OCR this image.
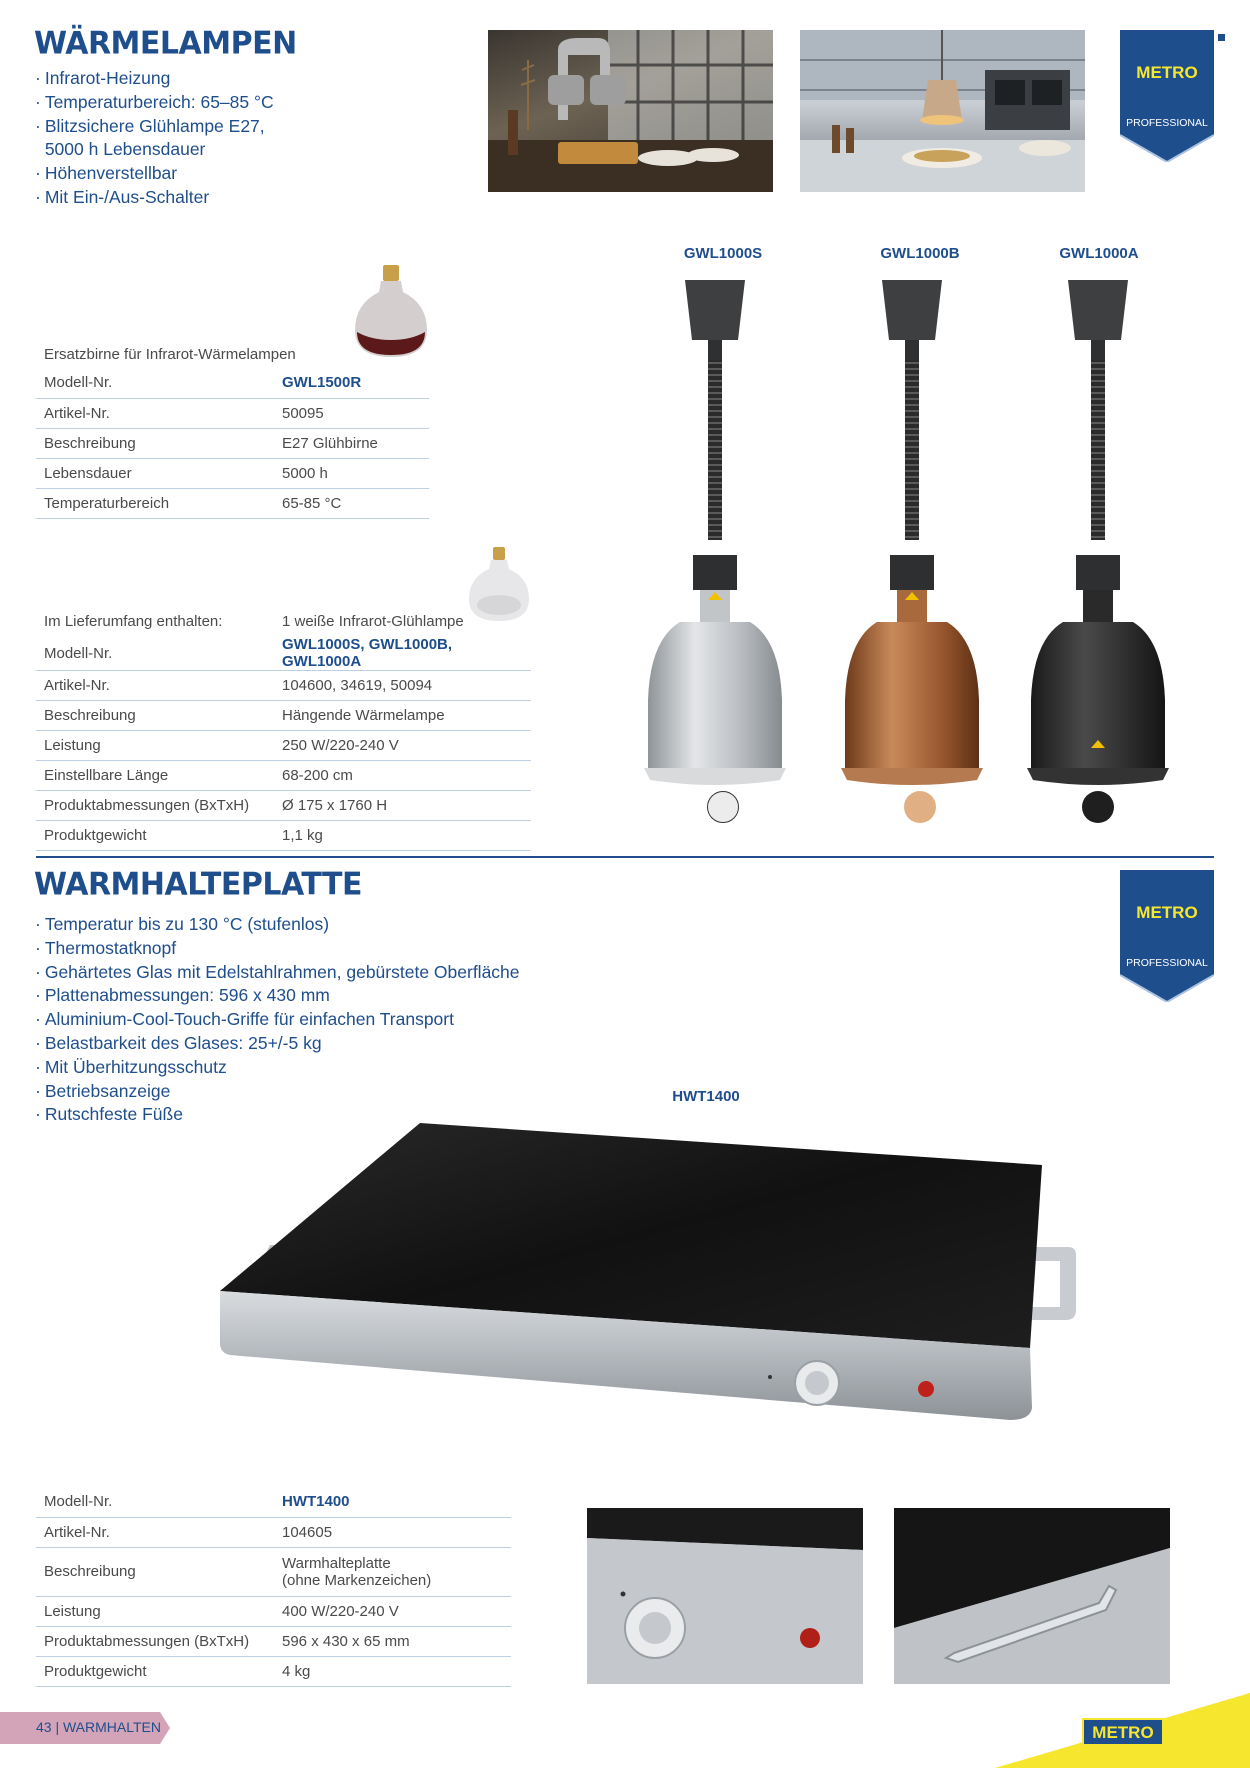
WÄRMELAMPEN
· Infrarot-Heizung
· Temperaturbereich: 65–85 °C
· Blitzsichere Glühlampe E27,
5000 h Lebensdauer
· Höhenverstellbar
· Mit Ein-/Aus-Schalter
METRO
PROFESSIONAL
GWL1000S	GWL1000B	GWL1000A
Ersatzbirne für Infrarot-Wärmelampen
Modell-Nr.	GWL1500R
Artikel-Nr.	50095
Beschreibung	E27 Glühbirne
Lebensdauer	5000 h
Temperaturbereich	65-85 °C
Im Lieferumfang enthalten:	1 weiße Infrarot-Glühlampe
Modell-Nr.	GWL1000S, GWL1000B, GWL1000A
Artikel-Nr.	104600, 34619, 50094
Beschreibung	Hängende Wärmelampe
Leistung	250 W/220-240 V
Einstellbare Länge	68-200 cm
Produktabmessungen (BxTxH)	Ø 175 x 1760 H
Produktgewicht	1,1 kg
WARMHALTEPLATTE
· Temperatur bis zu 130 °C (stufenlos)
· Thermostatknopf
· Gehärtetes Glas mit Edelstahlrahmen, gebürstete Oberfläche
· Plattenabmessungen: 596 x 430 mm
· Aluminium-Cool-Touch-Griffe für einfachen Transport
· Belastbarkeit des Glases: 25+/-5 kg
· Mit Überhitzungsschutz
· Betriebsanzeige
· Rutschfeste Füße
METRO
PROFESSIONAL
HWT1400
Modell-Nr.	HWT1400
Artikel-Nr.	104605
Beschreibung	Warmhalteplatte
(ohne Markenzeichen)

Leistung	400 W/220-240 V
Produktabmessungen (BxTxH)	596 x 430 x 65 mm
Produktgewicht	4 kg
43 | WARMHALTEN	METRO
